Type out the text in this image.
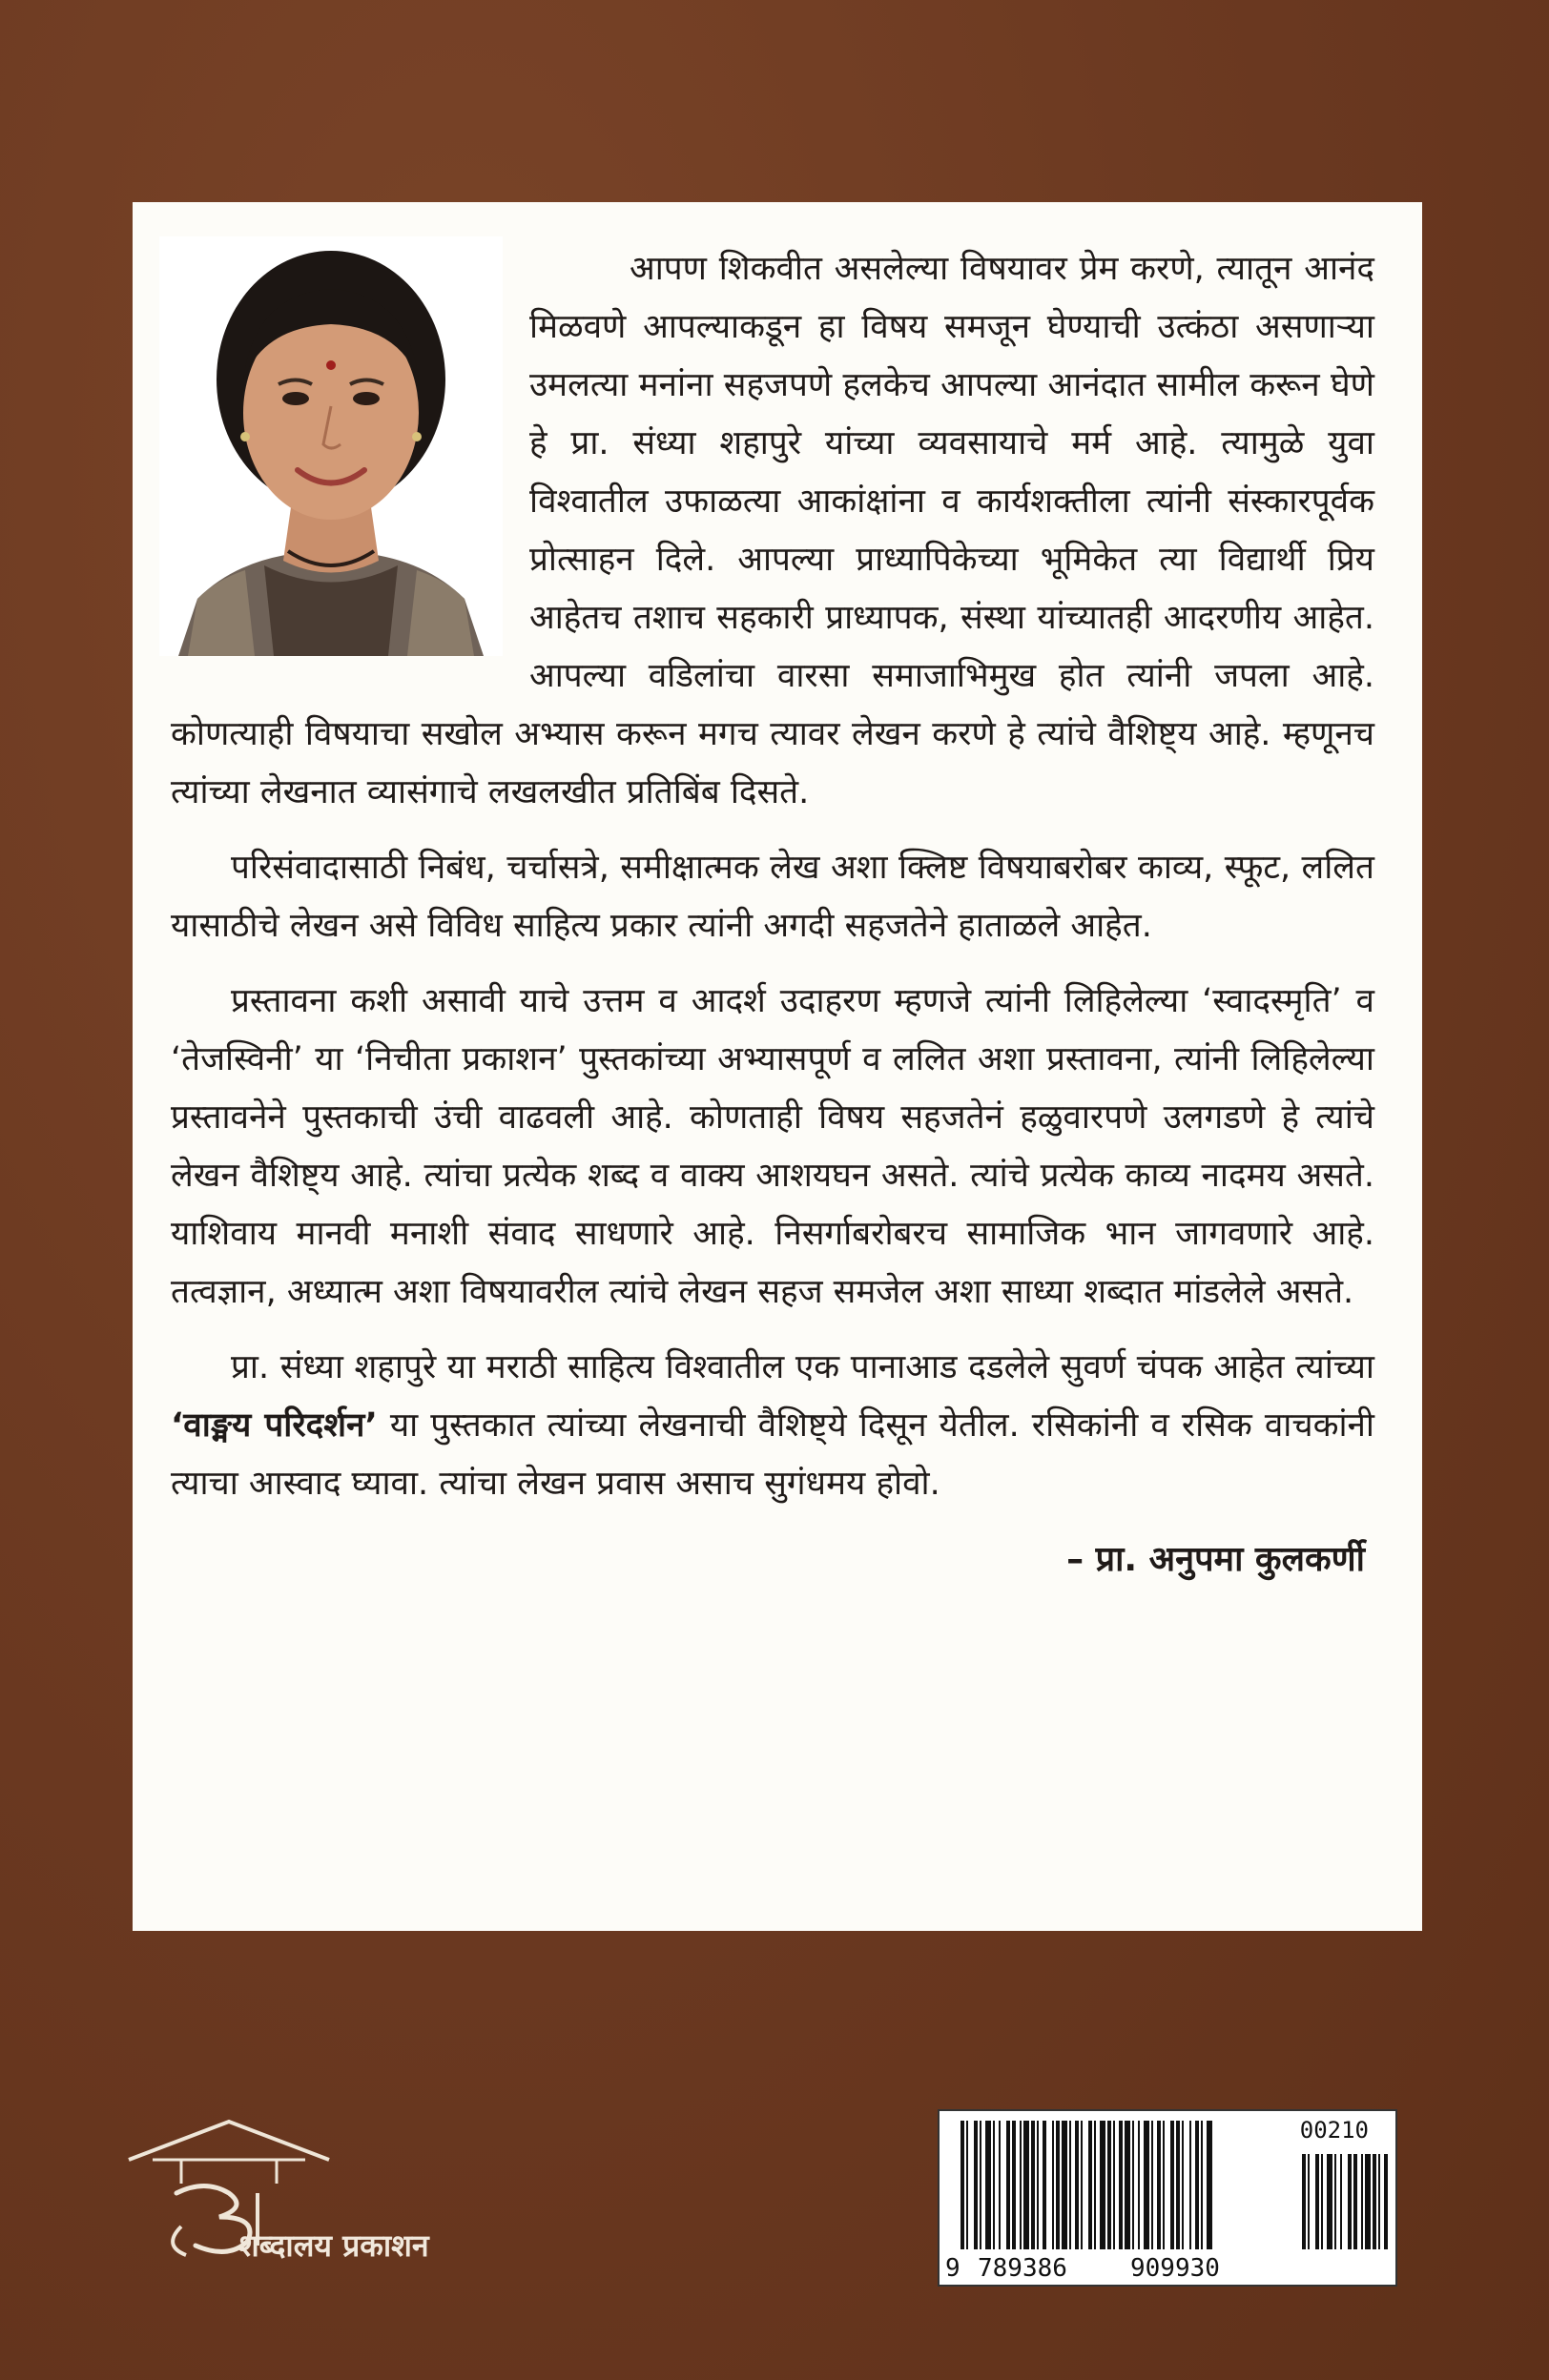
आपण शिकवीत असलेल्या विषयावर प्रेम करणे, त्यातून आनंद मिळवणे आपल्याकडून हा विषय समजून घेण्याची उत्कंठा असणाऱ्या उमलत्या मनांना सहजपणे हलकेच आपल्या आनंदात सामील करून घेणे हे प्रा. संध्या शहापुरे यांच्या व्यवसायाचे मर्म आहे. त्यामुळे युवा विश्वातील उफाळत्या आकांक्षांना व कार्यशक्तीला त्यांनी संस्कारपूर्वक प्रोत्साहन दिले. आपल्या प्राध्यापिकेच्या भूमिकेत त्या विद्यार्थी प्रिय आहेतच तशाच सहकारी प्राध्यापक, संस्था यांच्यातही आदरणीय आहेत. आपल्या वडिलांचा वारसा समाजाभिमुख होत त्यांनी जपला आहे. कोणत्याही विषयाचा सखोल अभ्यास करून मगच त्यावर लेखन करणे हे त्यांचे वैशिष्ट्य आहे. म्हणूनच त्यांच्या लेखनात व्यासंगाचे लखलखीत प्रतिबिंब दिसते.

परिसंवादासाठी निबंध, चर्चासत्रे, समीक्षात्मक लेख अशा क्लिष्ट विषयाबरोबर काव्य, स्फूट, ललित यासाठीचे लेखन असे विविध साहित्य प्रकार त्यांनी अगदी सहजतेने हाताळले आहेत.

प्रस्तावना कशी असावी याचे उत्तम व आदर्श उदाहरण म्हणजे त्यांनी लिहिलेल्या ‘स्वादस्मृति’ व ‘तेजस्विनी’ या ‘निचीता प्रकाशन’ पुस्तकांच्या अभ्यासपूर्ण व ललित अशा प्रस्तावना, त्यांनी लिहिलेल्या प्रस्तावनेने पुस्तकाची उंची वाढवली आहे. कोणताही विषय सहजतेनं हळुवारपणे उलगडणे हे त्यांचे लेखन वैशिष्ट्य आहे. त्यांचा प्रत्येक शब्द व वाक्य आशयघन असते. त्यांचे प्रत्येक काव्य नादमय असते. याशिवाय मानवी मनाशी संवाद साधणारे आहे. निसर्गाबरोबरच सामाजिक भान जागवणारे आहे. तत्वज्ञान, अध्यात्म अशा विषयावरील त्यांचे लेखन सहज समजेल अशा साध्या शब्दात मांडलेले असते.

प्रा. संध्या शहापुरे या मराठी साहित्य विश्वातील एक पानाआड दडलेले सुवर्ण चंपक आहेत त्यांच्या ‘वाङ्मय परिदर्शन’ या पुस्तकात त्यांच्या लेखनाची वैशिष्ट्ये दिसून येतील. रसिकांनी व रसिक वाचकांनी त्याचा आस्वाद घ्यावा. त्यांचा लेखन प्रवास असाच सुगंधमय होवो.

– प्रा. अनुपमा कुलकर्णी
शब्दालय प्रकाशन
00210
9 789386	909930
